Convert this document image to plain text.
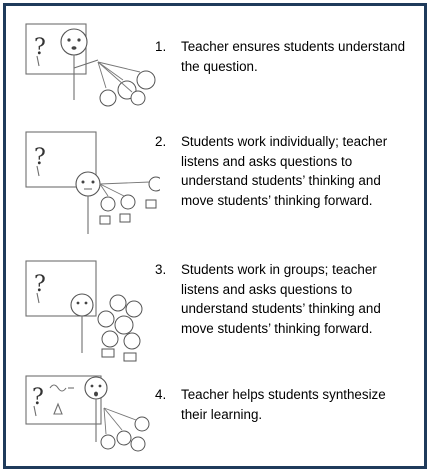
?	1.	Teacher ensures students understand the question.
?
2.	Students work individually; teacher listens and asks questions to understand students’ thinking and move students’ thinking forward.
?
3.	Students work in groups; teacher listens and asks questions to understand students’ thinking and move students’ thinking forward.
?	4.	Teacher helps students synthesize their learning.
